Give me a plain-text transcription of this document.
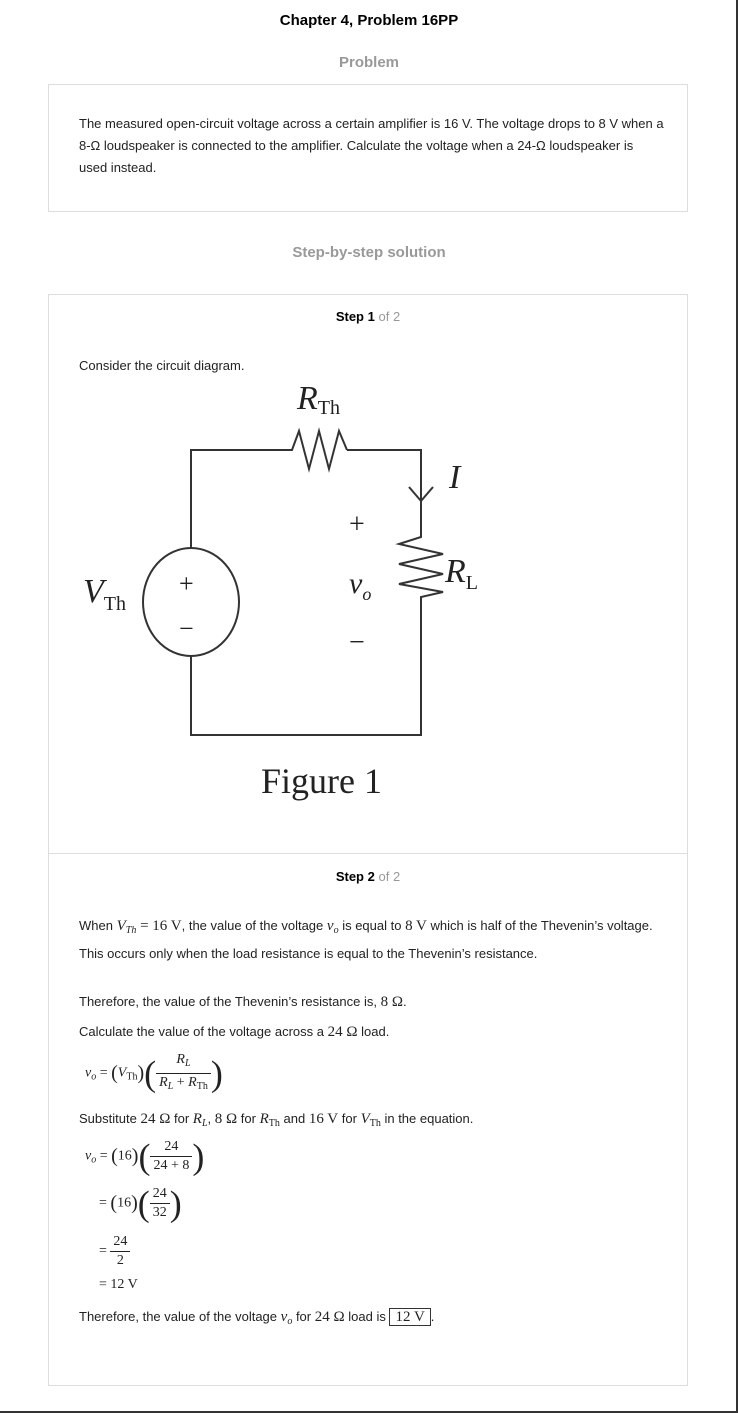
Chapter 4, Problem 16PP
Problem
The measured open-circuit voltage across a certain amplifier is 16 V. The voltage drops to 8 V when a 8-Ω loudspeaker is connected to the amplifier. Calculate the voltage when a 24-Ω loudspeaker is used instead.
Step-by-step solution
Step 1 of 2
Consider the circuit diagram.
RTh
I
$R_L$
$V_{Th}$
+
$v_o$
−
+
−
Figure 1
Step 2 of 2
When $V_{Th} = 16$ V, the value of the voltage $v_o$ is equal to 8 V which is half of the Thevenin’s voltage. This occurs only when the load resistance is equal to the Thevenin’s resistance.
Therefore, the value of the Thevenin’s resistance is, 8 Ω.
Calculate the value of the voltage across a 24 Ω load.
$v_o = (V_{Th})( \frac{R_L}{R_L + R_{Th}}$ )
Substitute 24 Ω for $R_L$, 8 Ω for $R_{Th}$ and 16 V for $V_{Th}$ in the equation.
$v_o = (16)( \frac{24}{24 + 8}$ )
= $(16)( \frac{24}{32}$ )
= $\frac{24}{2}$
= 12 V
Therefore, the value of the voltage $v_o$ for 24 Ω load is 12 V .
